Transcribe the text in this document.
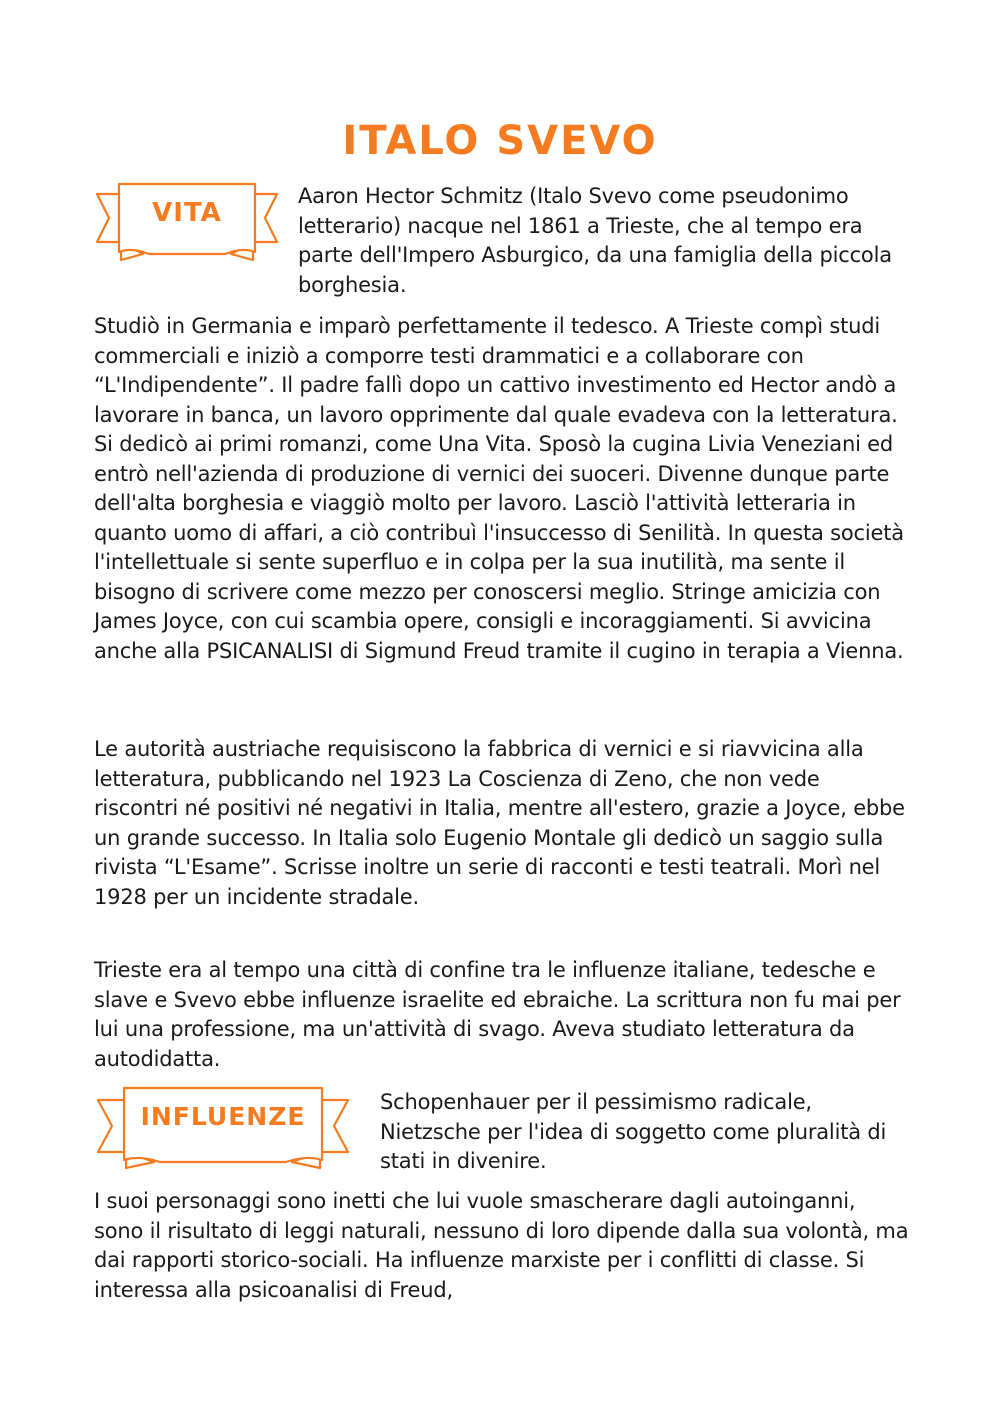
ITALO SVEVO
VITA

Aaron Hector Schmitz (Italo Svevo come pseudonimo letterario) nacque nel 1861 a Trieste, che al tempo era parte dell'Impero Asburgico, da una famiglia della piccola borghesia.

Studiò in Germania e imparò perfettamente il tedesco. A Trieste compì studi commerciali e iniziò a comporre testi drammatici e a collaborare con “L'Indipendente”. Il padre fallì dopo un cattivo investimento ed Hector andò a lavorare in banca, un lavoro opprimente dal quale evadeva con la letteratura. Si dedicò ai primi romanzi, come Una Vita. Sposò la cugina Livia Veneziani ed entrò nell'azienda di produzione di vernici dei suoceri. Divenne dunque parte dell'alta borghesia e viaggiò molto per lavoro. Lasciò l'attività letteraria in quanto uomo di affari, a ciò contribuì l'insuccesso di Senilità. In questa società l'intellettuale si sente superfluo e in colpa per la sua inutilità, ma sente il bisogno di scrivere come mezzo per conoscersi meglio. Stringe amicizia con James Joyce, con cui scambia opere, consigli e incoraggiamenti. Si avvicina anche alla PSICANALISI di Sigmund Freud tramite il cugino in terapia a Vienna.

Le autorità austriache requisiscono la fabbrica di vernici e si riavvicina alla letteratura, pubblicando nel 1923 La Coscienza di Zeno, che non vede riscontri né positivi né negativi in Italia, mentre all'estero, grazie a Joyce, ebbe un grande successo. In Italia solo Eugenio Montale gli dedicò un saggio sulla rivista “L'Esame”. Scrisse inoltre un serie di racconti e testi teatrali. Morì nel 1928 per un incidente stradale.

Trieste era al tempo una città di confine tra le influenze italiane, tedesche e slave e Svevo ebbe influenze israelite ed ebraiche. La scrittura non fu mai per lui una professione, ma un'attività di svago. Aveva studiato letteratura da autodidatta.

INFLUENZE	Schopenhauer per il pessimismo radicale, Nietzsche per l'idea di soggetto come pluralità di stati in divenire.

I suoi personaggi sono inetti che lui vuole smascherare dagli autoinganni, sono il risultato di leggi naturali, nessuno di loro dipende dalla sua volontà, ma dai rapporti storico-sociali. Ha influenze marxiste per i conflitti di classe. Si interessa alla psicoanalisi di Freud,
